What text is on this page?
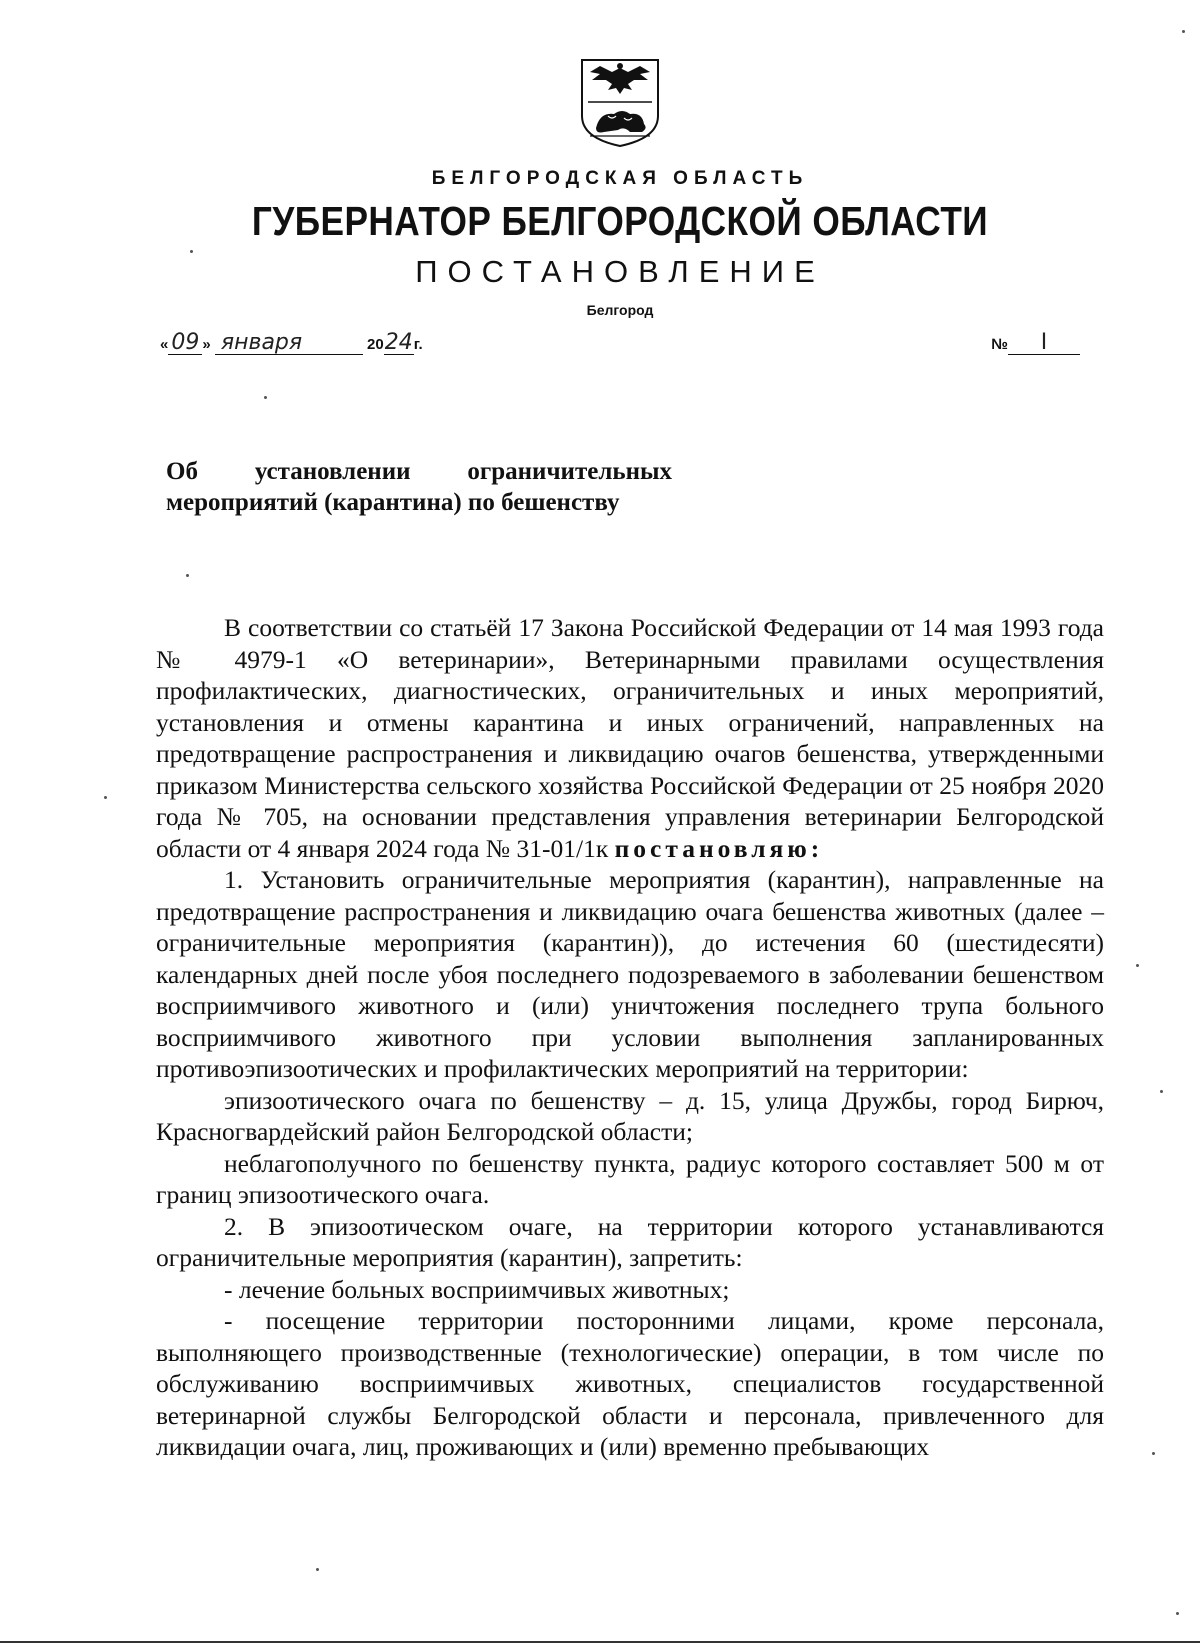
БЕЛГОРОДСКАЯ ОБЛАСТЬ
ГУБЕРНАТОР БЕЛГОРОДСКОЙ ОБЛАСТИ
ПОСТАНОВЛЕНИЕ
Белгород
« 09 » января	2024г.	№ I
Об установлении ограничительных
мероприятий (карантина) по бешенству

В соответствии со статьёй 17 Закона Российской Федерации от 14 мая 1993 года № 4979-1 «О ветеринарии», Ветеринарными правилами осуществления профилактических, диагностических, ограничительных и иных мероприятий, установления и отмены карантина и иных ограничений, направленных на предотвращение распространения и ликвидацию очагов бешенства, утвержденными приказом Министерства сельского хозяйства Российской Федерации от 25 ноября 2020 года № 705, на основании представления управления ветеринарии Белгородской области от 4 января 2024 года № 31-01/1к постановляю:

1. Установить ограничительные мероприятия (карантин), направленные на предотвращение распространения и ликвидацию очага бешенства животных (далее – ограничительные мероприятия (карантин)), до истечения 60 (шестидесяти) календарных дней после убоя последнего подозреваемого в заболевании бешенством восприимчивого животного и (или) уничтожения последнего трупа больного восприимчивого животного при условии выполнения запланированных противоэпизоотических и профилактических мероприятий на территории:

эпизоотического очага по бешенству – д. 15, улица Дружбы, город Бирюч, Красногвардейский район Белгородской области;

неблагополучного по бешенству пункта, радиус которого составляет 500 м от границ эпизоотического очага.

2. В эпизоотическом очаге, на территории которого устанавливаются ограничительные мероприятия (карантин), запретить:

- лечение больных восприимчивых животных;

- посещение территории посторонними лицами, кроме персонала, выполняющего производственные (технологические) операции, в том числе по обслуживанию восприимчивых животных, специалистов государственной ветеринарной службы Белгородской области и персонала, привлеченного для ликвидации очага, лиц, проживающих и (или) временно пребывающих
